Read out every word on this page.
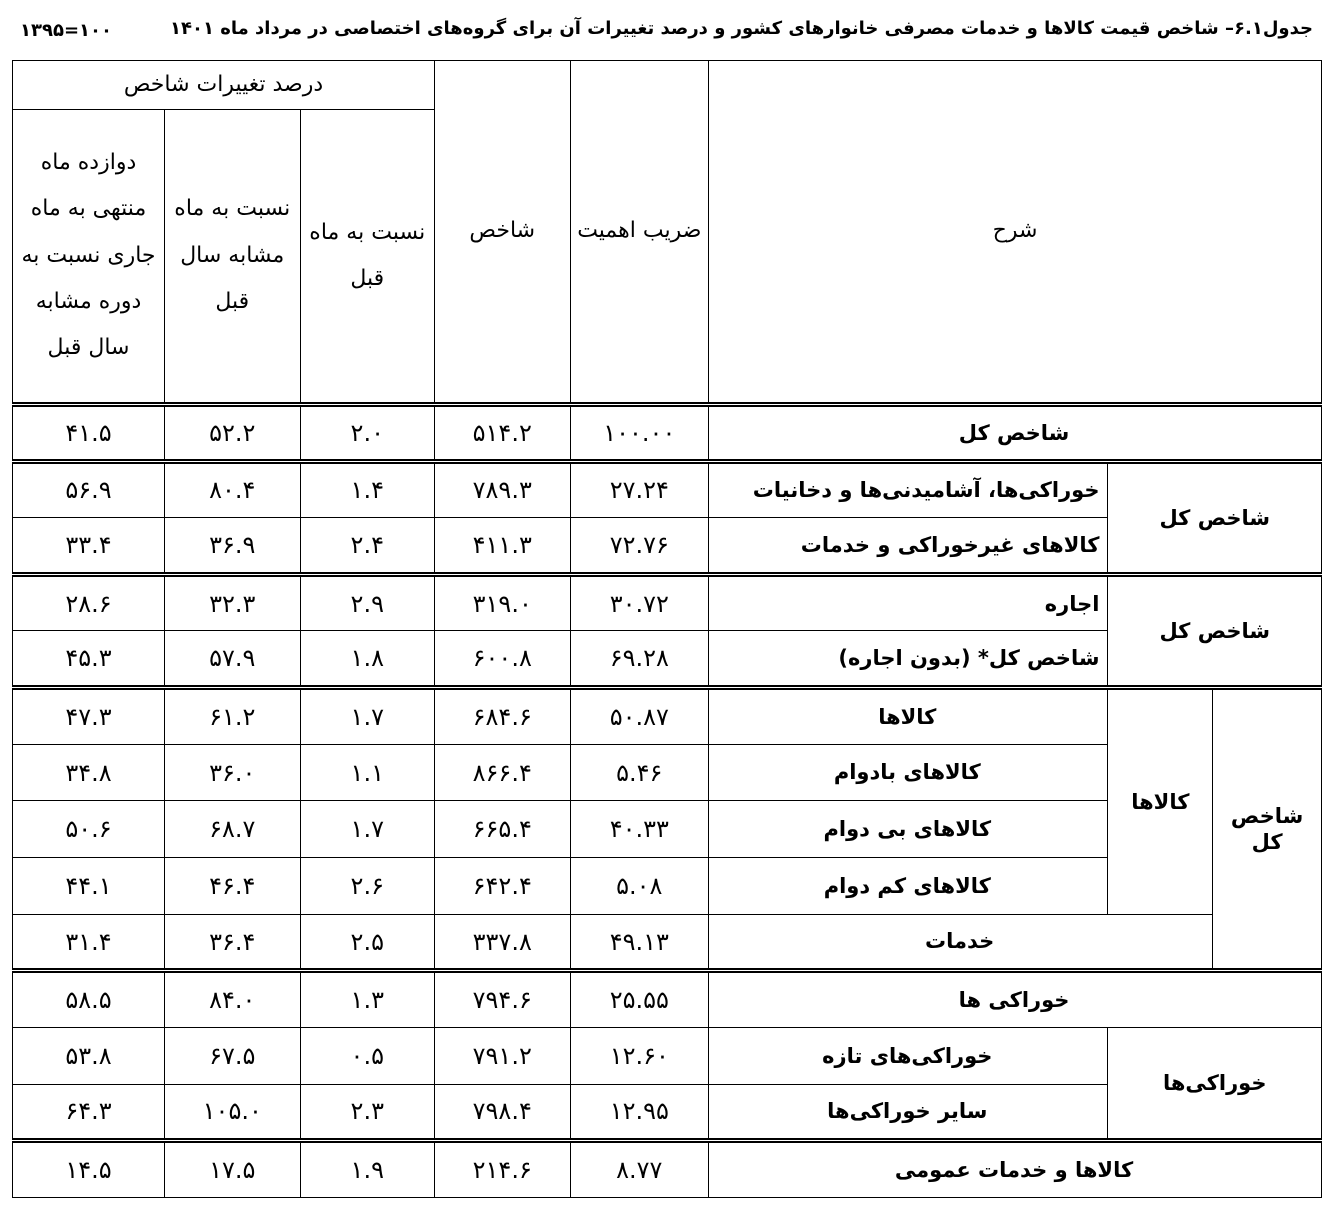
جدول۶.۱– شاخص قیمت کالاها و خدمات مصرفی خانوارهای کشور و درصد تغییرات آن برای گروه‌های اختصاصی در مرداد ماه ۱۴۰۱
۱۰۰=۱۳۹۵
شرح			ضریب اهمیت	شاخص	درصد تغییرات شاخص		
					نسبت به ماه قبل	نسبت به ماه مشابه سال قبل	دوازده ماه منتهی به ماه جاری نسبت به دوره مشابه سال قبل
شاخص کل			۱۰۰.۰۰	۵۱۴.۲	۲.۰	۵۲.۲	۴۱.۵
شاخص کل		خوراکی‌ها، آشامیدنی‌ها و دخانیات	۲۷.۲۴	۷۸۹.۳	۱.۴	۸۰.۴	۵۶.۹
		کالاهای غیرخوراکی و خدمات	۷۲.۷۶	۴۱۱.۳	۲.۴	۳۶.۹	۳۳.۴
شاخص کل		اجاره	۳۰.۷۲	۳۱۹.۰	۲.۹	۳۲.۳	۲۸.۶
		شاخص کل* (بدون اجاره)	۶۹.۲۸	۶۰۰.۸	۱.۸	۵۷.۹	۴۵.۳
شاخص کل	کالاها	کالاها	۵۰.۸۷	۶۸۴.۶	۱.۷	۶۱.۲	۴۷.۳
		کالاهای بادوام	۵.۴۶	۸۶۶.۴	۱.۱	۳۶.۰	۳۴.۸
		کالاهای بی دوام	۴۰.۳۳	۶۶۵.۴	۱.۷	۶۸.۷	۵۰.۶
		کالاهای کم دوام	۵.۰۸	۶۴۲.۴	۲.۶	۴۶.۴	۴۴.۱
	خدمات		۴۹.۱۳	۳۳۷.۸	۲.۵	۳۶.۴	۳۱.۴
خوراکی ها			۲۵.۵۵	۷۹۴.۶	۱.۳	۸۴.۰	۵۸.۵
خوراکی‌ها		خوراکی‌های تازه	۱۲.۶۰	۷۹۱.۲	۰.۵	۶۷.۵	۵۳.۸
		سایر خوراکی‌ها	۱۲.۹۵	۷۹۸.۴	۲.۳	۱۰۵.۰	۶۴.۳
کالاها و خدمات عمومی			۸.۷۷	۲۱۴.۶	۱.۹	۱۷.۵	۱۴.۵
